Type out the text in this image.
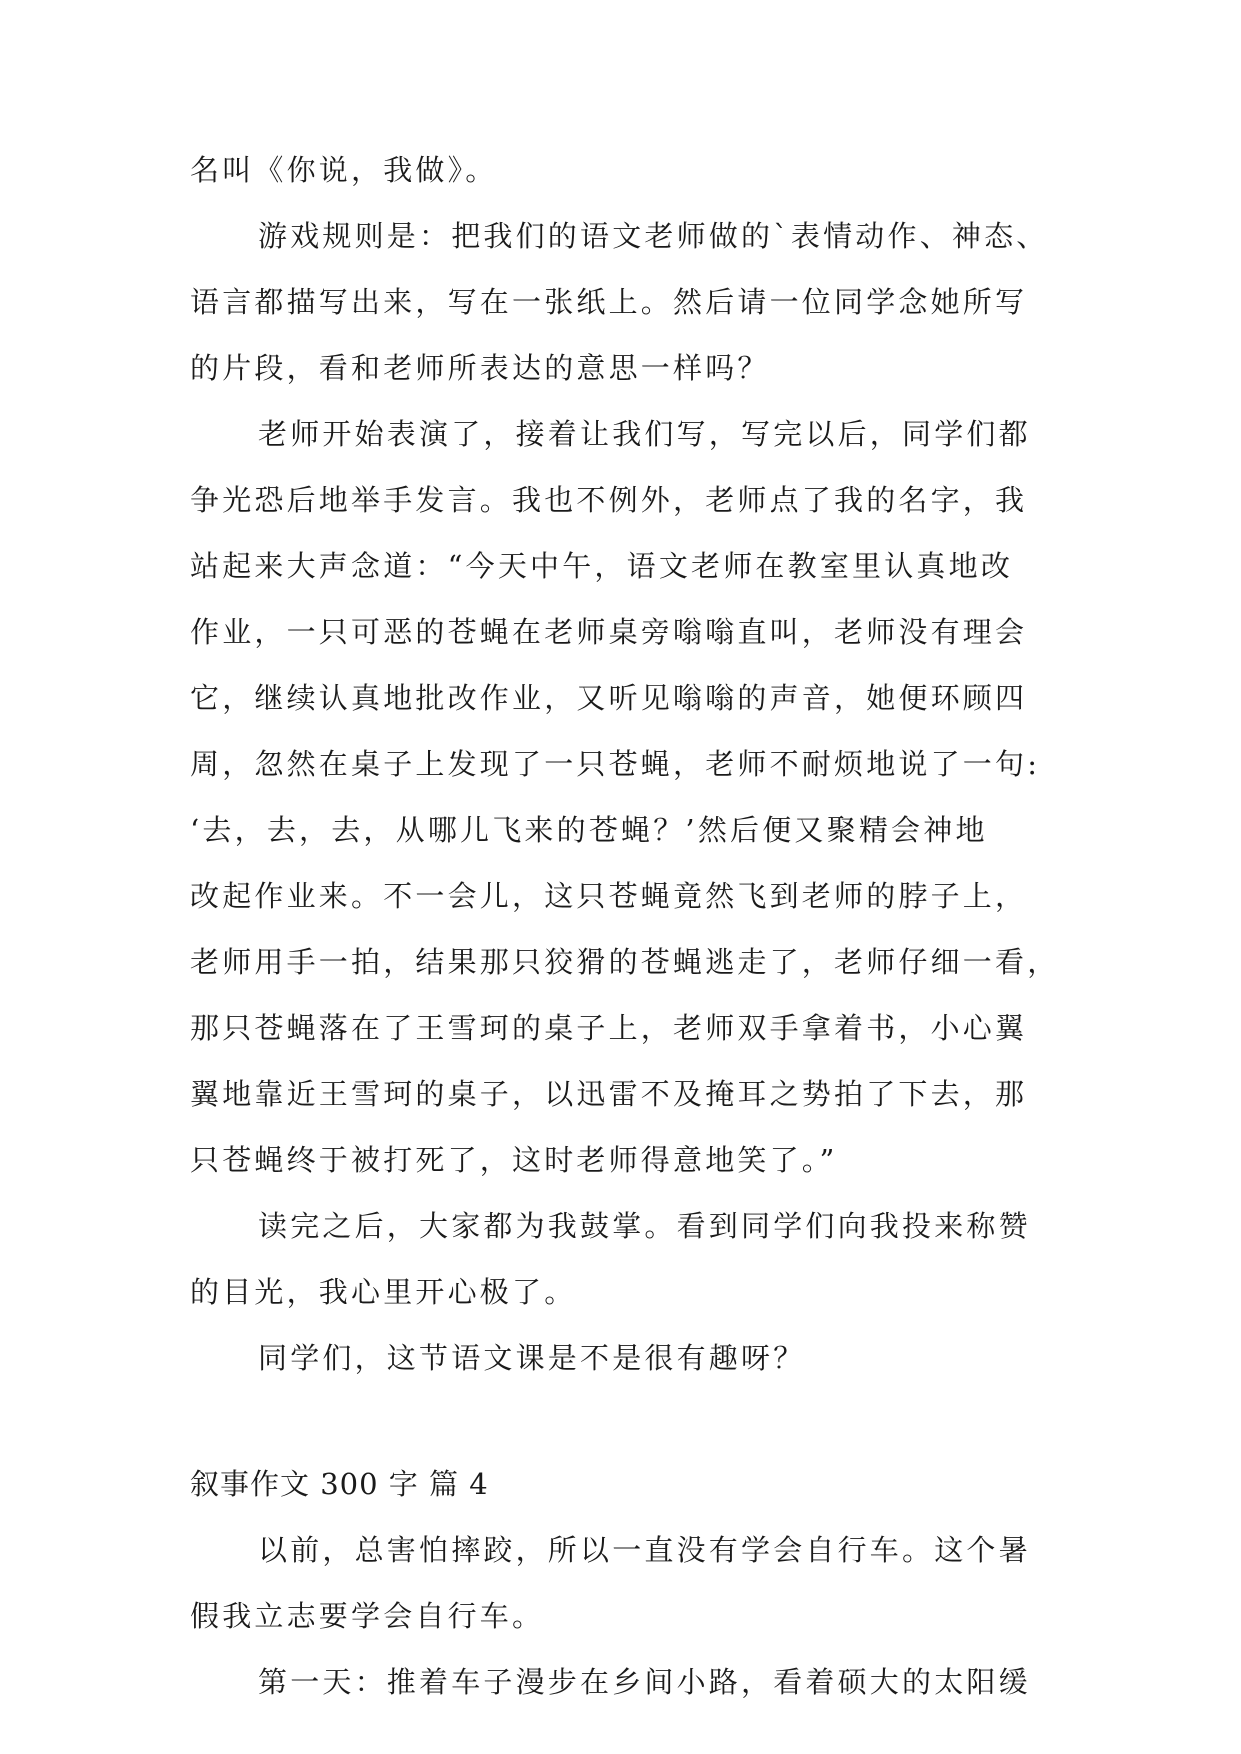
名叫《你说，我做》。
游戏规则是：把我们的语文老师做的`表情动作、神态、
语言都描写出来，写在一张纸上。然后请一位同学念她所写
的片段，看和老师所表达的意思一样吗？
老师开始表演了，接着让我们写，写完以后，同学们都
争光恐后地举手发言。我也不例外，老师点了我的名字，我
站起来大声念道：“今天中午，语文老师在教室里认真地改
作业，一只可恶的苍蝇在老师桌旁嗡嗡直叫，老师没有理会
它，继续认真地批改作业，又听见嗡嗡的声音，她便环顾四
周，忽然在桌子上发现了一只苍蝇，老师不耐烦地说了一句:
‘去，去，去，从哪儿飞来的苍蝇？’然后便又聚精会神地
改起作业来。不一会儿，这只苍蝇竟然飞到老师的脖子上，
老师用手一拍，结果那只狡猾的苍蝇逃走了，老师仔细一看，
那只苍蝇落在了王雪珂的桌子上，老师双手拿着书，小心翼
翼地靠近王雪珂的桌子，以迅雷不及掩耳之势拍了下去，那
只苍蝇终于被打死了，这时老师得意地笑了。”
读完之后，大家都为我鼓掌。看到同学们向我投来称赞
的目光，我心里开心极了。
同学们，这节语文课是不是很有趣呀？
叙事作文 300 字 篇 4
以前，总害怕摔跤，所以一直没有学会自行车。这个暑
假我立志要学会自行车。
第一天：推着车子漫步在乡间小路，看着硕大的太阳缓
